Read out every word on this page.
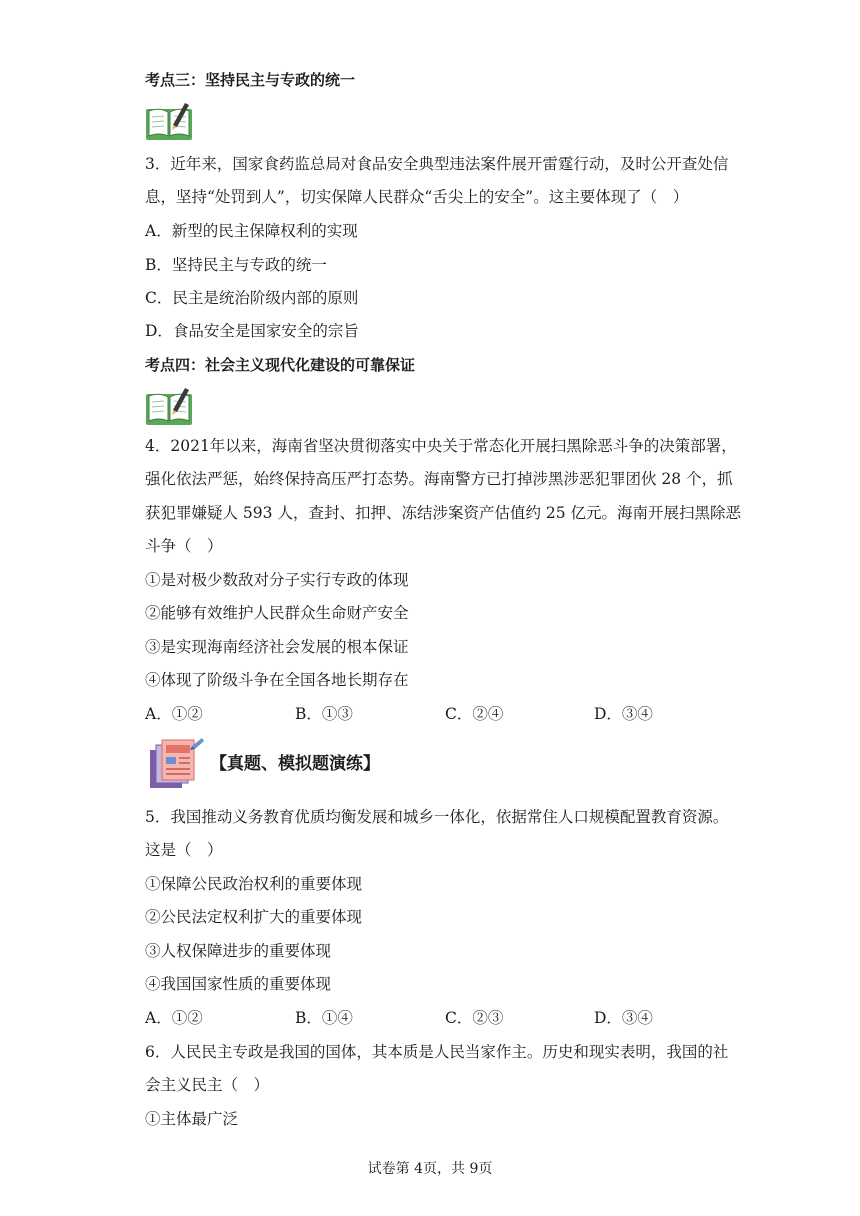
考点三：坚持民主与专政的统一
3．近年来，国家食药监总局对食品安全典型违法案件展开雷霆行动，及时公开查处信
息，坚持“处罚到人”，切实保障人民群众“舌尖上的安全”。这主要体现了（　）
A．新型的民主保障权利的实现
B．坚持民主与专政的统一
C．民主是统治阶级内部的原则
D．食品安全是国家安全的宗旨
考点四：社会主义现代化建设的可靠保证
4．2021年以来，海南省坚决贯彻落实中央关于常态化开展扫黑除恶斗争的决策部署，
强化依法严惩，始终保持高压严打态势。海南警方已打掉涉黑涉恶犯罪团伙 28 个，抓
获犯罪嫌疑人 593 人，查封、扣押、冻结涉案资产估值约 25 亿元。海南开展扫黑除恶
斗争（　）
①是对极少数敌对分子实行专政的体现
②能够有效维护人民群众生命财产安全
③是实现海南经济社会发展的根本保证
④体现了阶级斗争在全国各地长期存在
A．①②	B．①③	C．②④	D．③④
【真题、模拟题演练】
5．我国推动义务教育优质均衡发展和城乡一体化，依据常住人口规模配置教育资源。
这是（　）
①保障公民政治权利的重要体现
②公民法定权利扩大的重要体现
③人权保障进步的重要体现
④我国国家性质的重要体现
A．①②	B．①④	C．②③	D．③④
6．人民民主专政是我国的国体，其本质是人民当家作主。历史和现实表明，我国的社
会主义民主（　）
①主体最广泛
试卷第 4页，共 9页
